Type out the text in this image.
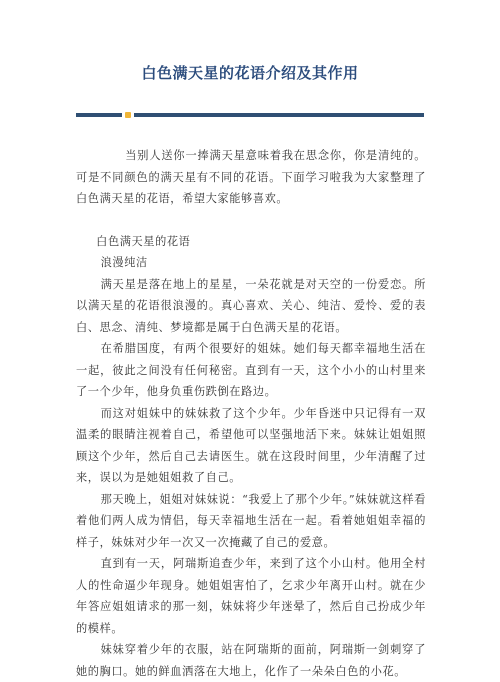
白色满天星的花语介绍及其作用

当别人送你一捧满天星意味着我在思念你，你是清纯的。可是不同颜色的满天星有不同的花语。下面学习啦我为大家整理了白色满天星的花语，希望大家能够喜欢。

白色满天星的花语

浪漫纯洁

满天星是落在地上的星星，一朵花就是对天空的一份爱恋。所以满天星的花语很浪漫的。真心喜欢、关心、纯洁、爱怜、爱的表白、思念、清纯、梦境都是属于白色满天星的花语。

在希腊国度，有两个很要好的姐妹。她们每天都幸福地生活在一起，彼此之间没有任何秘密。直到有一天，这个小小的山村里来了一个少年，他身负重伤跌倒在路边。

而这对姐妹中的妹妹救了这个少年。少年昏迷中只记得有一双温柔的眼睛注视着自己，希望他可以坚强地活下来。妹妹让姐姐照顾这个少年，然后自己去请医生。就在这段时间里，少年清醒了过来，误以为是她姐姐救了自己。

那天晚上，姐姐对妹妹说：“我爱上了那个少年。”妹妹就这样看着他们两人成为情侣，每天幸福地生活在一起。看着她姐姐幸福的样子，妹妹对少年一次又一次掩藏了自己的爱意。

直到有一天，阿瑞斯追查少年，来到了这个小山村。他用全村人的性命逼少年现身。她姐姐害怕了，乞求少年离开山村。就在少年答应姐姐请求的那一刻，妹妹将少年迷晕了，然后自己扮成少年的模样。

妹妹穿着少年的衣服，站在阿瑞斯的面前，阿瑞斯一剑刺穿了她的胸口。她的鲜血洒落在大地上，化作了一朵朵白色的小花。
